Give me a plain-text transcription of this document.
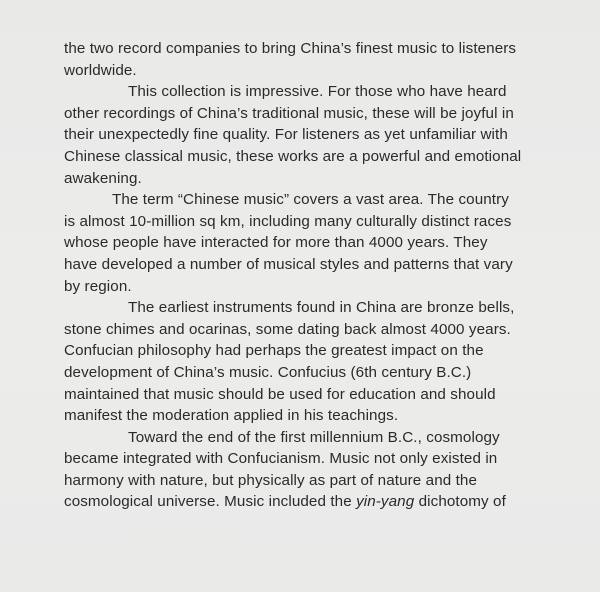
the two record companies to bring China’s finest music to listeners
worldwide.
This collection is impressive. For those who have heard
other recordings of China’s traditional music, these will be joyful in
their unexpectedly fine quality. For listeners as yet unfamiliar with
Chinese classical music, these works are a powerful and emotional
awakening.
The term “Chinese music” covers a vast area. The country
is almost 10-million sq km, including many culturally distinct races
whose people have interacted for more than 4000 years. They
have developed a number of musical styles and patterns that vary
by region.
The earliest instruments found in China are bronze bells,
stone chimes and ocarinas, some dating back almost 4000 years.
Confucian philosophy had perhaps the greatest impact on the
development of China’s music. Confucius (6th century B.C.)
maintained that music should be used for education and should
manifest the moderation applied in his teachings.
Toward the end of the first millennium B.C., cosmology
became integrated with Confucianism. Music not only existed in
harmony with nature, but physically as part of nature and the
cosmological universe. Music included the yin-yang dichotomy of
